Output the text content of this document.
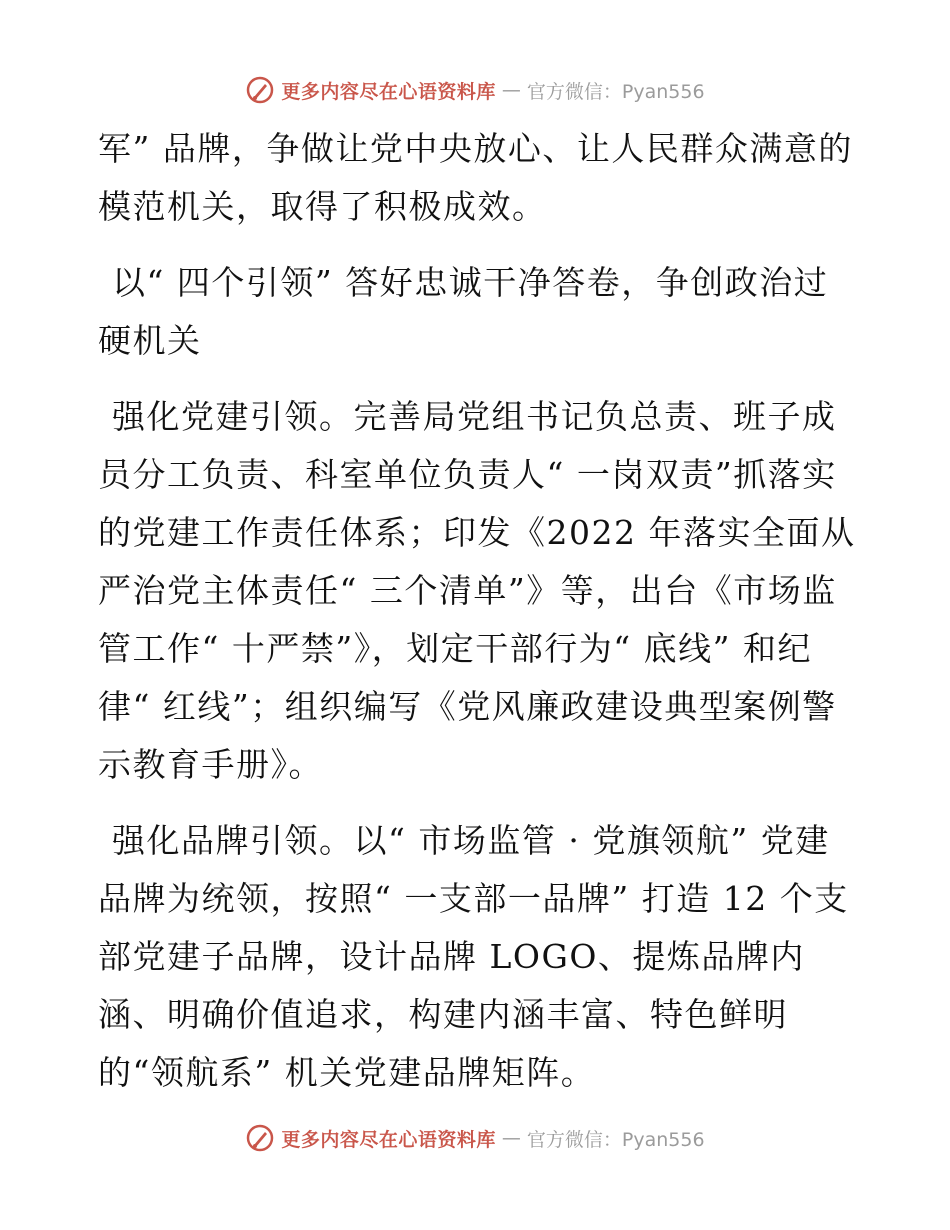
更多内容尽在心语资料库 — 官方微信：Pyan556

军” 品牌，争做让党中央放心、让人民群众满意的模范机关，取得了积极成效。

以“ 四个引领” 答好忠诚干净答卷，争创政治过硬机关

强化党建引领。完善局党组书记负总责、班子成员分工负责、科室单位负责人“ 一岗双责”抓落实的党建工作责任体系；印发《2022 年落实全面从严治党主体责任“ 三个清单”》等，出台《市场监管工作“ 十严禁”》，划定干部行为“ 底线” 和纪律“ 红线”；组织编写《党风廉政建设典型案例警示教育手册》。

强化品牌引领。以“ 市场监管 · 党旗领航” 党建品牌为统领，按照“ 一支部一品牌” 打造 12 个支部党建子品牌，设计品牌 LOGO、提炼品牌内涵、明确价值追求，构建内涵丰富、特色鲜明的“领航系” 机关党建品牌矩阵。

更多内容尽在心语资料库 — 官方微信：Pyan556
